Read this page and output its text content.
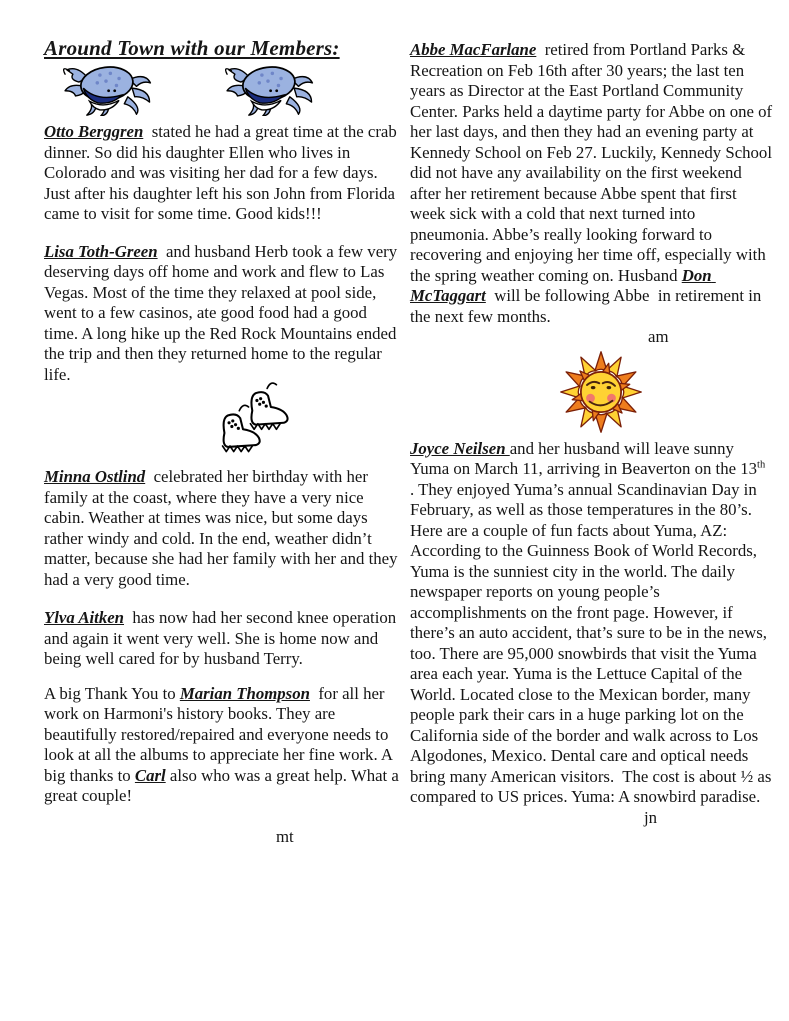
Around Town with our Members:

Otto Berggren  stated he had a great time at the crab dinner. So did his daughter Ellen who lives in Colorado and was visiting her dad for a few days. Just after his daughter left his son John from Florida came to visit for some time. Good kids!!!

Lisa Toth-Green  and husband Herb took a few very deserving days off home and work and flew to Las Vegas. Most of the time they relaxed at pool side, went to a few casinos, ate good food had a good time. A long hike up the Red Rock Mountains ended the trip and then they returned home to the regular life.

Minna Ostlind  celebrated her birthday with her family at the coast, where they have a very nice cabin. Weather at times was nice, but some days rather windy and cold. In the end, weather didn’t matter, because she had her family with her and they had a very good time.

Ylva Aitken  has now had her second knee operation and again it went very well. She is home now and being well cared for by husband Terry.

A big Thank You to Marian Thompson  for all her work on Harmoni's history books. They are beautifully restored/repaired and everyone needs to look at all the albums to appreciate her fine work. A big thanks to Carl also who was a great help. What a great couple!

mt

Abbe MacFarlane  retired from Portland Parks & Recreation on Feb 16th after 30 years; the last ten years as Director at the East Portland Community Center. Parks held a daytime party for Abbe on one of her last days, and then they had an evening party at Kennedy School on Feb 27. Luckily, Kennedy School did not have any availability on the first weekend after her retirement because Abbe spent that first week sick with a cold that next turned into pneumonia. Abbe’s really looking forward to recovering and enjoying her time off, especially with the spring weather coming on. Husband Don McTaggart  will be following Abbe  in retirement in the next few months.

am

Joyce Neilsen and her husband will leave sunny Yuma on March 11, arriving in Beaverton on the 13th . They enjoyed Yuma’s annual Scandinavian Day in February, as well as those temperatures in the 80’s.  Here are a couple of fun facts about Yuma, AZ: According to the Guinness Book of World Records, Yuma is the sunniest city in the world. The daily newspaper reports on young people’s accomplishments on the front page. However, if there’s an auto accident, that’s sure to be in the news, too. There are 95,000 snowbirds that visit the Yuma area each year. Yuma is the Lettuce Capital of the World. Located close to the Mexican border, many people park their cars in a huge parking lot on the California side of the border and walk across to Los Algodones, Mexico. Dental care and optical needs bring many American visitors.  The cost is about ½ as compared to US prices. Yuma: A snowbird paradise.

jn
